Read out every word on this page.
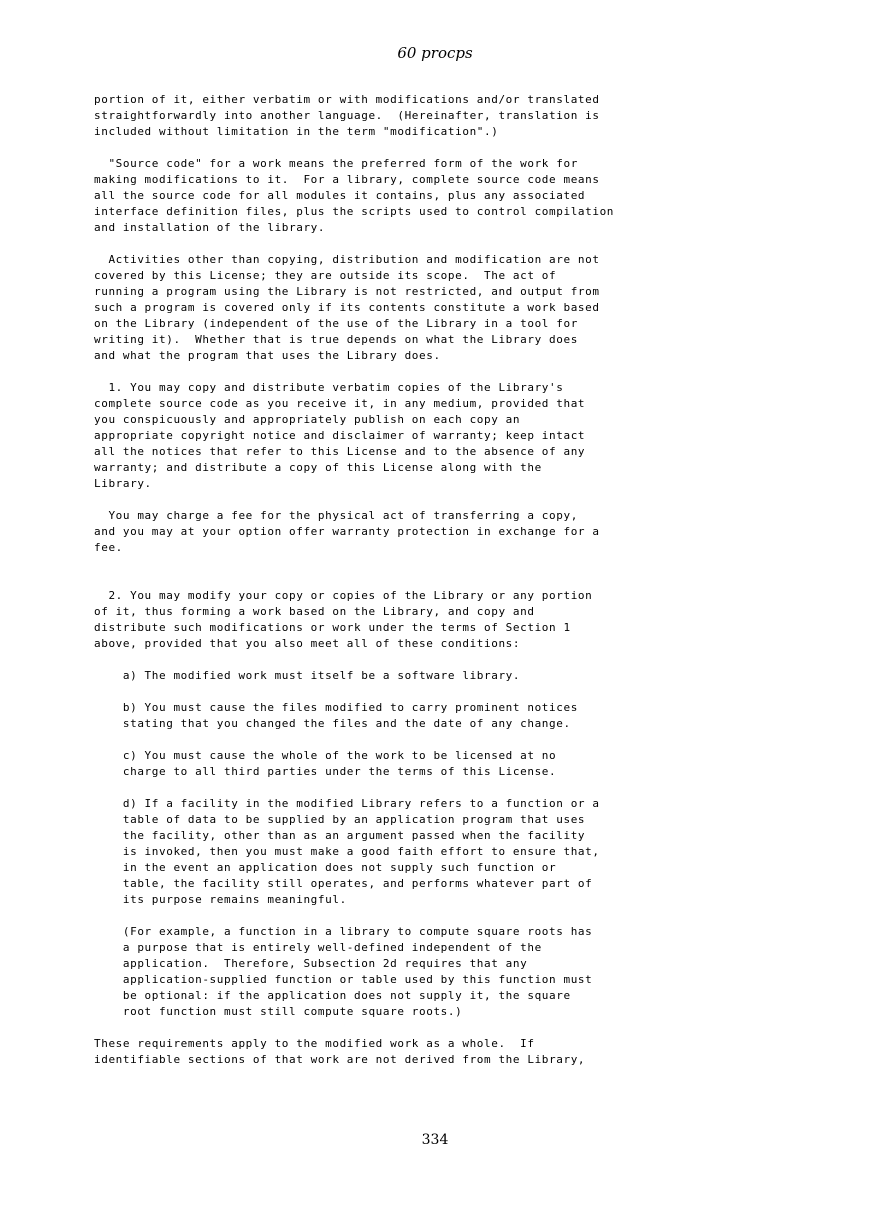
60 procps
portion of it, either verbatim or with modifications and/or translated
straightforwardly into another language.  (Hereinafter, translation is
included without limitation in the term "modification".)
"Source code" for a work means the preferred form of the work for
making modifications to it.  For a library, complete source code means
all the source code for all modules it contains, plus any associated
interface definition files, plus the scripts used to control compilation
and installation of the library.
Activities other than copying, distribution and modification are not
covered by this License; they are outside its scope.  The act of
running a program using the Library is not restricted, and output from
such a program is covered only if its contents constitute a work based
on the Library (independent of the use of the Library in a tool for
writing it).  Whether that is true depends on what the Library does
and what the program that uses the Library does.
1. You may copy and distribute verbatim copies of the Library's
complete source code as you receive it, in any medium, provided that
you conspicuously and appropriately publish on each copy an
appropriate copyright notice and disclaimer of warranty; keep intact
all the notices that refer to this License and to the absence of any
warranty; and distribute a copy of this License along with the
Library.
You may charge a fee for the physical act of transferring a copy,
and you may at your option offer warranty protection in exchange for a
fee.
2. You may modify your copy or copies of the Library or any portion
of it, thus forming a work based on the Library, and copy and
distribute such modifications or work under the terms of Section 1
above, provided that you also meet all of these conditions:
a) The modified work must itself be a software library.
b) You must cause the files modified to carry prominent notices
stating that you changed the files and the date of any change.
c) You must cause the whole of the work to be licensed at no
charge to all third parties under the terms of this License.
d) If a facility in the modified Library refers to a function or a
table of data to be supplied by an application program that uses
the facility, other than as an argument passed when the facility
is invoked, then you must make a good faith effort to ensure that,
in the event an application does not supply such function or
table, the facility still operates, and performs whatever part of
its purpose remains meaningful.
(For example, a function in a library to compute square roots has
a purpose that is entirely well-defined independent of the
application.  Therefore, Subsection 2d requires that any
application-supplied function or table used by this function must
be optional: if the application does not supply it, the square
root function must still compute square roots.)
These requirements apply to the modified work as a whole.  If
identifiable sections of that work are not derived from the Library,
334
